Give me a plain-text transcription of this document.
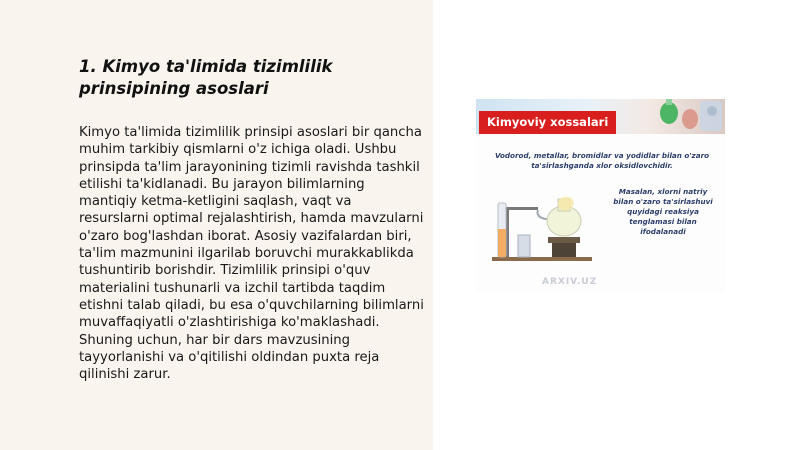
1. Kimyo ta'limida tizimlilik prinsipining asoslari

Kimyo ta'limida tizimlilik prinsipi asoslari bir qancha muhim tarkibiy qismlarni o'z ichiga oladi. Ushbu prinsipda ta'lim jarayonining tizimli ravishda tashkil etilishi ta'kidlanadi. Bu jarayon bilimlarning mantiqiy ketma-ketligini saqlash, vaqt va resurslarni optimal rejalashtirish, hamda mavzularni o'zaro bog'lashdan iborat. Asosiy vazifalardan biri, ta'lim mazmunini ilgarilab boruvchi murakkablikda tushuntirib borishdir. Tizimlilik prinsipi o'quv materialini tushunarli va izchil tartibda taqdim etishni talab qiladi, bu esa o'quvchilarning bilimlarni muvaffaqiyatli o'zlashtirishiga ko'maklashadi. Shuning uchun, har bir dars mavzusining tayyorlanishi va o'qitilishi oldindan puxta reja qilinishi zarur.

Kimyoviy xossalari
Vodorod, metallar, bromidlar va yodidlar bilan o'zaro ta'sirlashganda xlor oksidlovchidir.
Masalan, xlorni natriy bilan o'zaro ta'sirlashuvi quyidagi reaksiya tenglamasi bilan ifodalanadi
ARXIV.UZ
